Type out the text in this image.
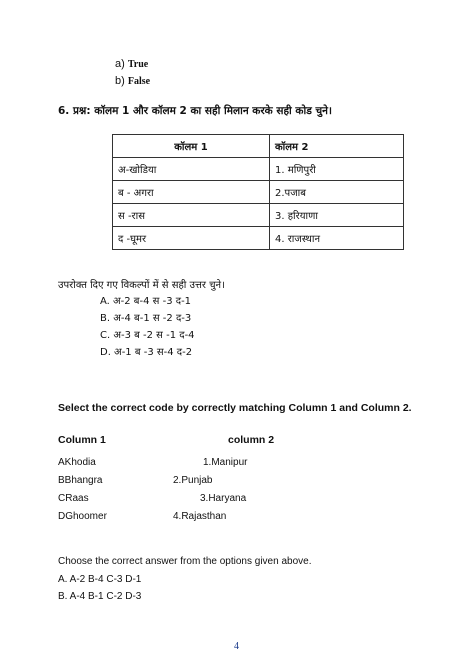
a) True
b) False
6. प्रश्न: कॉलम 1 और कॉलम 2 का सही मिलान करके सही कोड चुने।
कॉलम 1	कॉलम 2
अ-खोडिया	1. मणिपुरी
ब - अगरा	2.पजाब
स -रास	3. हरियाणा
द -घूमर	4. राजस्थान
उपरोक्त दिए गए विकल्पों में से सही उत्तर चुने।
A. अ-2 ब-4 स -3 द-1
B. अ-4 ब-1 स -2 द-3
C. अ-3 ब -2 स -1 द-4
D. अ-1 ब -3 स-4 द-2
Select the correct code by correctly matching Column 1 and Column 2.
Column 1	column 2
AKhodia	1.Manipur
BBhangra	2.Punjab
CRaas	3.Haryana
DGhoomer	4.Rajasthan
Choose the correct answer from the options given above.
A. A-2 B-4 C-3 D-1
B. A-4 B-1 C-2 D-3
4
